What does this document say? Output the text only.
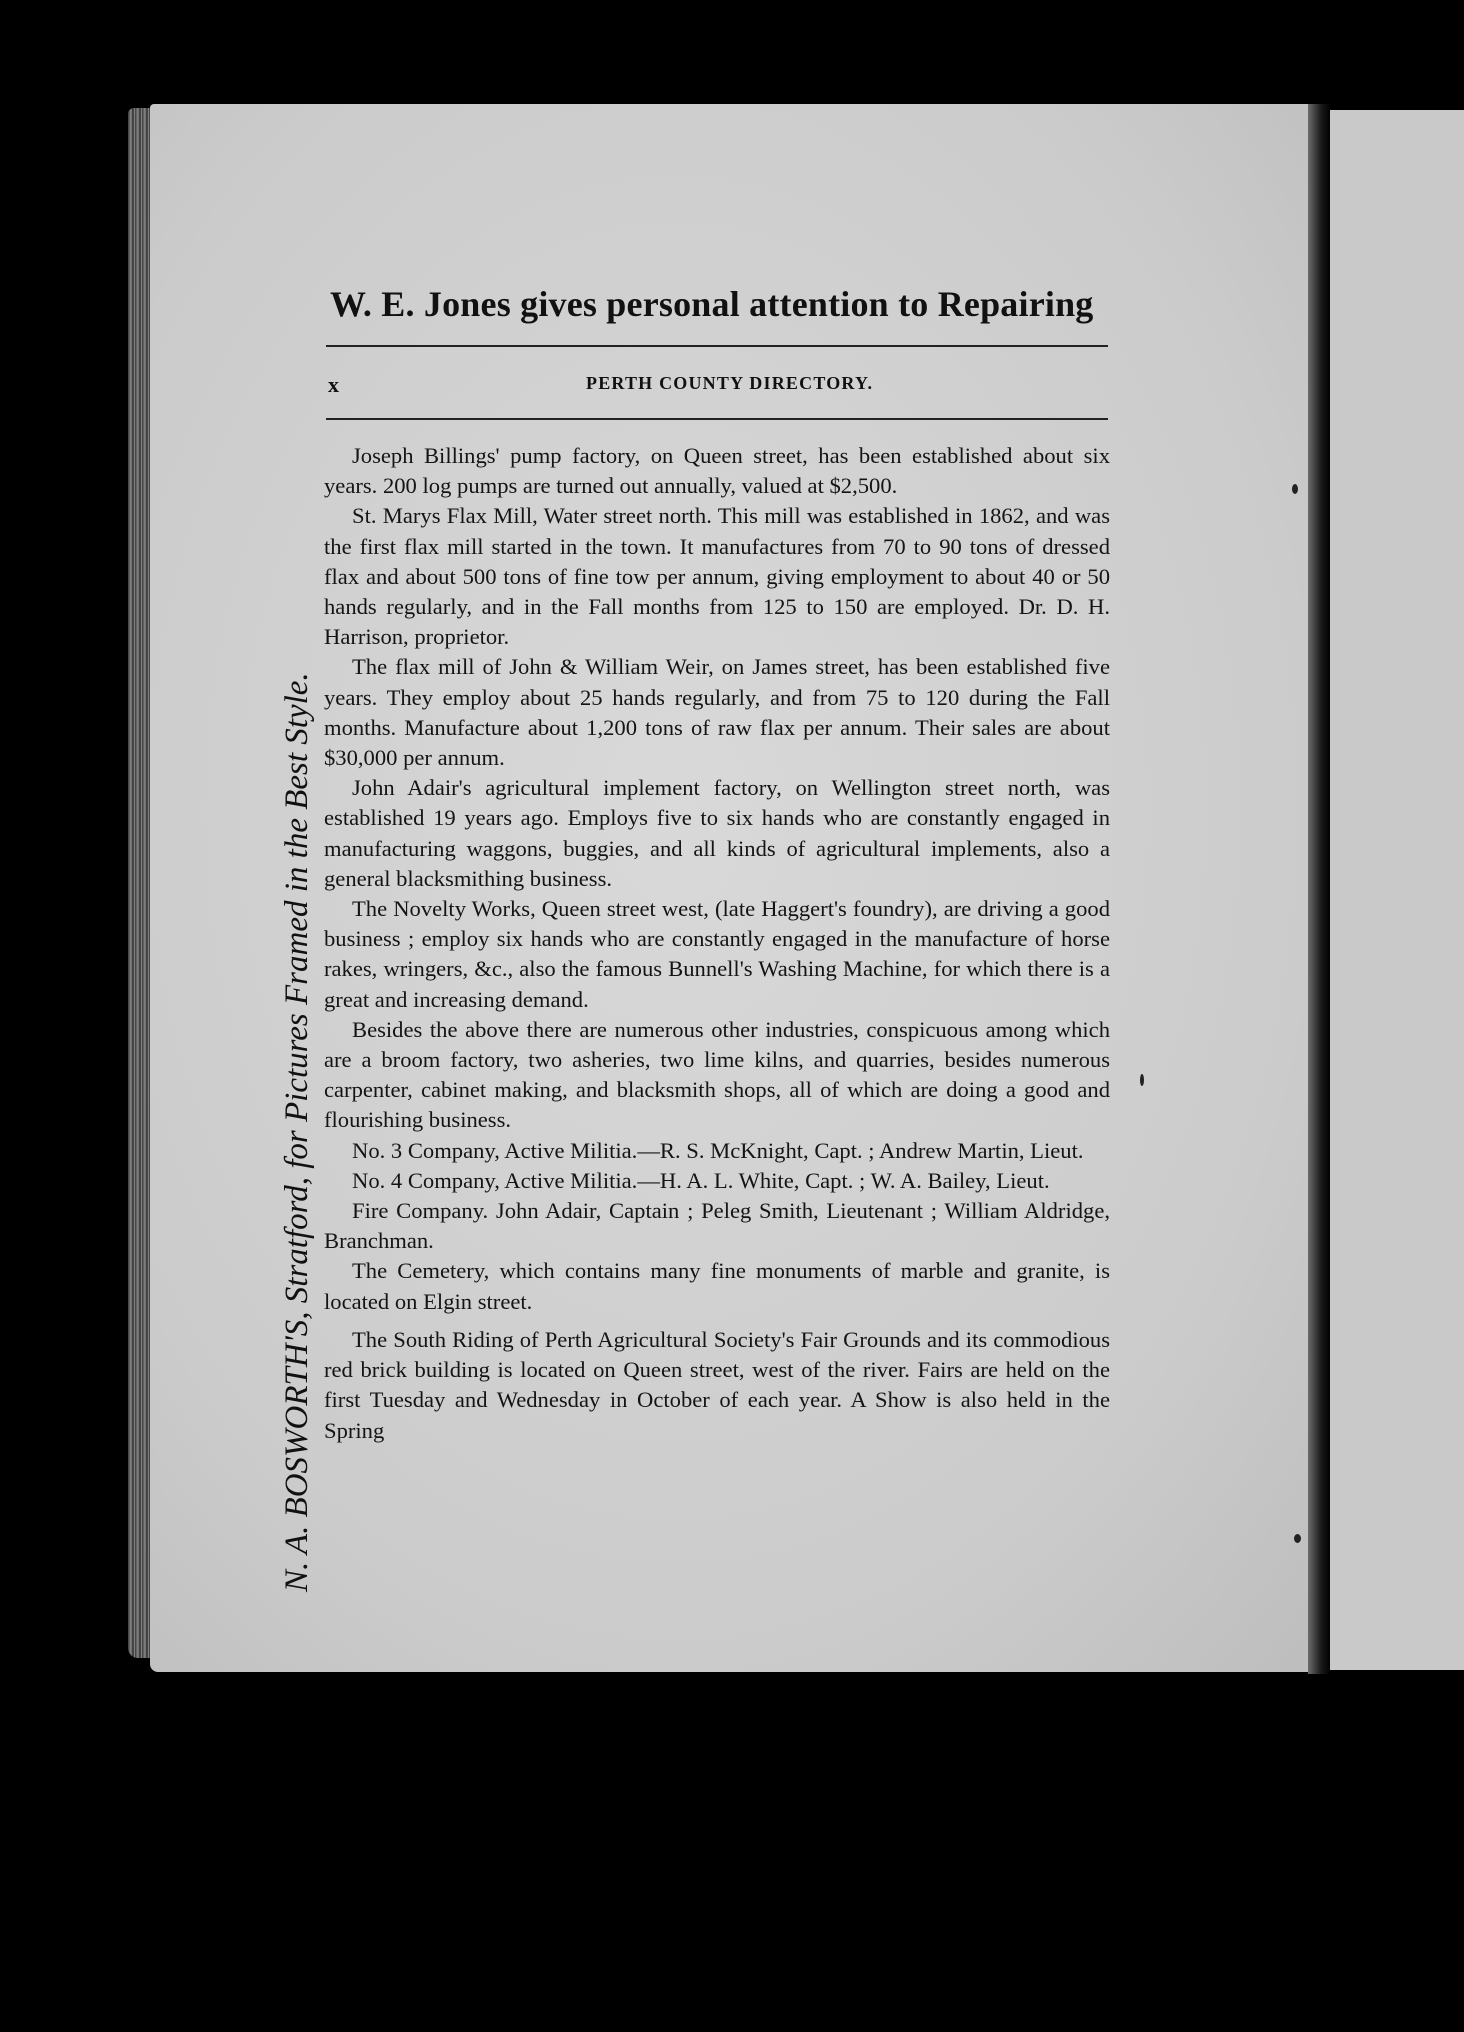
W. E. Jones gives personal attention to Repairing
x	PERTH COUNTY DIRECTORY.
N. A. BOSWORTH'S, Stratford, for Pictures Framed in the Best Style.

Joseph Billings' pump factory, on Queen street, has been established about six years. 200 log pumps are turned out annually, valued at $2,500.

St. Marys Flax Mill, Water street north. This mill was established in 1862, and was the first flax mill started in the town. It manufactures from 70 to 90 tons of dressed flax and about 500 tons of fine tow per annum, giving employment to about 40 or 50 hands regularly, and in the Fall months from 125 to 150 are employed. Dr. D. H. Harrison, proprietor.

The flax mill of John & William Weir, on James street, has been established five years. They employ about 25 hands regularly, and from 75 to 120 during the Fall months. Manufacture about 1,200 tons of raw flax per annum. Their sales are about $30,000 per annum.

John Adair's agricultural implement factory, on Wellington street north, was established 19 years ago. Employs five to six hands who are constantly engaged in manufacturing waggons, buggies, and all kinds of agricultural implements, also a general blacksmithing business.

The Novelty Works, Queen street west, (late Haggert's foundry), are driving a good business ; employ six hands who are constantly engaged in the manufacture of horse rakes, wringers, &c., also the famous Bunnell's Washing Machine, for which there is a great and increasing demand.

Besides the above there are numerous other industries, conspicuous among which are a broom factory, two asheries, two lime kilns, and quarries, besides numerous carpenter, cabinet making, and blacksmith shops, all of which are doing a good and flourishing business.

No. 3 Company, Active Militia.—R. S. McKnight, Capt. ; Andrew Martin, Lieut.

No. 4 Company, Active Militia.—H. A. L. White, Capt. ; W. A. Bailey, Lieut.

Fire Company. John Adair, Captain ; Peleg Smith, Lieutenant ; William Aldridge, Branchman.

The Cemetery, which contains many fine monuments of marble and granite, is located on Elgin street.

The South Riding of Perth Agricultural Society's Fair Grounds and its commodious red brick building is located on Queen street, west of the river. Fairs are held on the first Tuesday and Wednesday in October of each year. A Show is also held in the Spring
